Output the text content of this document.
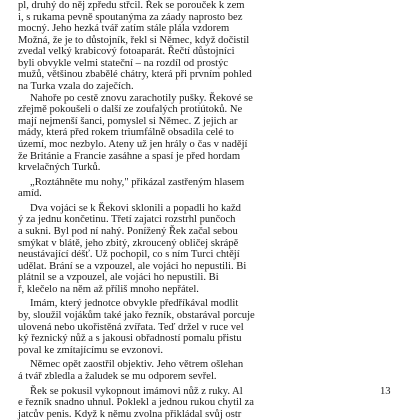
pl, druhý do něj zpředu střcil. Řek se porouček k zem
i, s rukama pevně spoutanýma za záady naprosto bez
mocný. Jeho hezká tvář zatím stále plála vzdorem
Možná, že je to důstojník, řekl si Němec, když dočistil
zvedal velký krabicový fotoaparát. Řečtí důstojníci
byli obvykle velmi stateční – na rozdíl od prostýc
mužů, většinou zbabělé chátry, která při prvním pohled
na Turka vzala do zaječích.
Nahoře po cestě znovu zarachotily pušky. Řekové se
zřejmě pokoušeli o další ze zoufalých protiútoků. Ne
mají nejmenší šanci, pomyslel si Němec. Z jejich ar
mády, která před rokem triumfálně obsadila celé to
území, moc nezbylo. Ateny už jen hrály o čas v nadějí
že Británie a Francie zasáhne a spasí je před hordam
krvelačných Turků.
„Roztáhněte mu nohy," přikázal zastřeným hlasem
amíd.
Dva vojáci se k Řekovi sklonili a popadli ho každ
ý za jednu končetinu. Třetí zajatci rozstrhl punčoch
a sukni. Byl pod ní nahý. Ponížený Řek začal sebou
smýkat v blátě, jeho zbitý, zkroucený obličej skrápě
neustávající déšť. Už pochopil, co s ním Turci chtějí
udělat. Brání se a vzpouzel, ale vojáci ho nepustili. Bi
plátnil se a vzpouzel, ale vojáci ho nepustili. Bi
ř, klečelo na něm až příliš mnoho nepřátel.
Imám, který jednotce obvykle předříkával modlit
by, sloužil vojákům také jako řezník, obstarával porcuje
ulovená nebo ukořistěná zvířata. Teď držel v ruce vel
ký řeznický nůž a s jakousi obřadností pomalu přistu
poval ke zmítajícímu se evzonovi.
Němec opět zaostřil objektiv. Jeho větrem ošlehan
á tvář zbledla a žaludek se mu odporem sevřel.
Řek se pokusil vykopnout imámovi nůž z ruky. Al
e řezník snadno uhnul. Poklekl a jednou rukou chytil za
jatcův penis. Když k němu zvolna přikládal svůj ostr
13
